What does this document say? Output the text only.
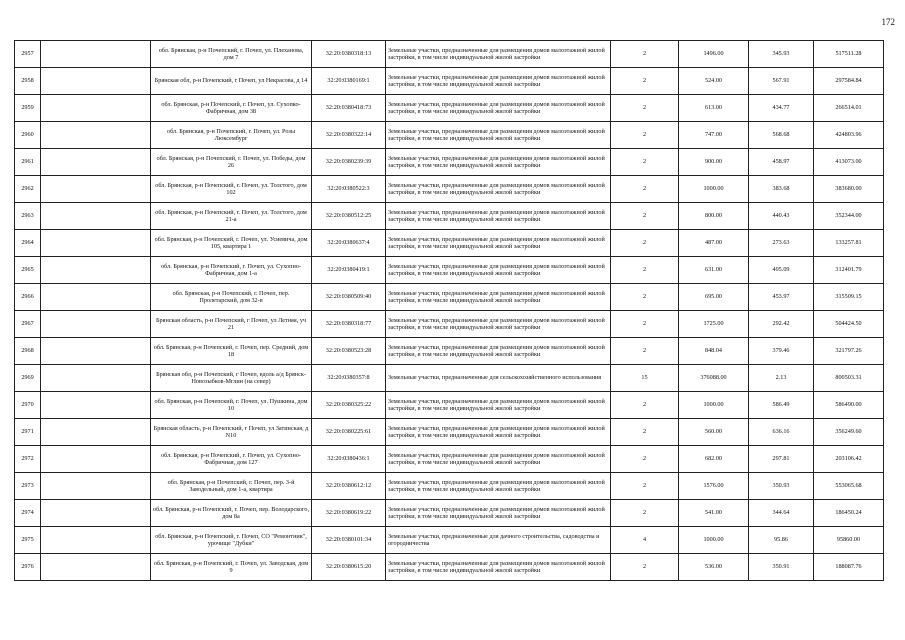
172
2957		обл. Брянская, р-н Почепский, г. Почеп, ул. Плеханова, дом 7	32:20:0380318:13	Земельные участки, предназначенные для размещения домов малоэтажной жилой застройки, в том числе индивидуальной жилой застройки	2	1496.00	345.93	517511.28
2958		Брянская обл, р-н Почепский, г Почеп, ул Некрасова, д 14	32:20:0380169:1	Земельные участки, предназначенные для размещения домов малоэтажной жилой застройки, в том числе индивидуальной жилой застройки	2	524.00	567.91	297584.84
2959		обл. Брянская, р-н Почепский, г. Почеп, ул. Сухопко-Фабричная, дом 38	32:20:0380418:73	Земельные участки, предназначенные для размещения домов малоэтажной жилой застройки, в том числе индивидуальной жилой застройки	2	613.00	434.77	266514.01
2960		обл. Брянская, р-н Почепский, г. Почеп, ул. Розы Люксембург	32:20:0380322:14	Земельные участки, предназначенные для размещения домов малоэтажной жилой застройки, в том числе индивидуальной жилой застройки	2	747.00	568.68	424803.96
2961		обл. Брянская, р-н Почепский, г. Почеп, ул. Победы, дом 26	32:20:0380239:39	Земельные участки, предназначенные для размещения домов малоэтажной жилой застройки, в том числе индивидуальной жилой застройки	2	900.00	458.97	413073.00
2962		обл. Брянская, р-н Почепский, г. Почеп, ул. Толстого, дом 102	32:20:0380522:3	Земельные участки, предназначенные для размещения домов малоэтажной жилой застройки, в том числе индивидуальной жилой застройки	2	1000.00	383.68	383680.00
2963		обл. Брянская, р-н Почепский, г. Почеп, ул. Толстого, дом 21-а	32:20:0380512:25	Земельные участки, предназначенные для размещения домов малоэтажной жилой застройки, в том числе индивидуальной жилой застройки	2	800.00	440.43	352344.00
2964		обл. Брянская, р-н Почепский, г. Почеп, ул. Усиевича, дом 105, квартира 1	32:20:0380637:4	Земельные участки, предназначенные для размещения домов малоэтажной жилой застройки, в том числе индивидуальной жилой застройки	2	487.00	273.63	133257.81
2965		обл. Брянская, р-н Почепский, г. Почеп, ул. Сухопно-Фабричная, дом 1-а	32:20:0380419:1	Земельные участки, предназначенные для размещения домов малоэтажной жилой застройки, в том числе индивидуальной жилой застройки	2	631.00	495.09	312401.79
2966		обл. Брянская, р-н Почепский, г. Почеп, пер. Пролетарский, дом 32-в	32:20:0380509:40	Земельные участки, предназначенные для размещения домов малоэтажной жилой застройки, в том числе индивидуальной жилой застройки	2	695.00	453.97	315509.15
2967		Брянская область, р-н Почепский, г Почеп, ул Летняя, уч 21	32:20:0380318:77	Земельные участки, предназначенные для размещения домов малоэтажной жилой застройки, в том числе индивидуальной жилой застройки	2	1725.00	292.42	504424.50
2968		обл. Брянская, р-н Почепский, г. Почеп, пер. Средний, дом 18	32:20:0380523:28	Земельные участки, предназначенные для размещения домов малоэтажной жилой застройки, в том числе индивидуальной жилой застройки	2	848.04	379.46	321797.26
2969		Брянская обл, р-н Почепский, г Почеп, вдоль а/д Брянск-Новозыбков-Мглин (на север)	32:20:0380357:8	Земельные участки, предназначенные для сельскохозяйственного использования	15	376088.00	2.13	800503.31
2970		обл. Брянская, р-н Почепский, г. Почеп, ул. Пушкина, дом 10	32:20:0380325:22	Земельные участки, предназначенные для размещения домов малоэтажной жилой застройки, в том числе индивидуальной жилой застройки	2	1000.00	586.49	586490.00
2971		Брянская область, р-н Почепский, г Почеп, ул Затинская, д N10	32:20:0380225:61	Земельные участки, предназначенные для размещения домов малоэтажной жилой застройки, в том числе индивидуальной жилой застройки	2	560.00	636.16	356249.60
2972		обл. Брянская, р-н Почепский, г. Почеп, ул. Сухопно-Фабричная, дом 127	32:20:0380436:1	Земельные участки, предназначенные для размещения домов малоэтажной жилой застройки, в том числе индивидуальной жилой застройки	2	682.00	297.81	203106.42
2973		обл. Брянская, р-н Почепский, г. Почеп, пер. 3-й Заводельный, дом 1-а, квартира	32:20:0380612:12	Земельные участки, предназначенные для размещения домов малоэтажной жилой застройки, в том числе индивидуальной жилой застройки	2	1576.00	350.93	553065.68
2974		обл. Брянская, р-н Почепский, г. Почеп, пер. Володарского, дом 8а	32:20:0380619:22	Земельные участки, предназначенные для размещения домов малоэтажной жилой застройки, в том числе индивидуальной жилой застройки	2	541.00	344.64	186450.24
2975		обл. Брянская, р-н Почепский, г. Почеп, СО "Ремонтник", урочище "Дубки"	32:20:0380101:34	Земельные участки, предназначенные для дачного строительства, садоводства и огородничества	4	1000.00	95.86	95860.00
2976		обл. Брянская, р-н Почепский, г. Почеп, ул. Заводская, дом 9	32:20:0380615:20	Земельные участки, предназначенные для размещения домов малоэтажной жилой застройки, в том числе индивидуальной жилой застройки	2	536.00	350.91	188087.76
